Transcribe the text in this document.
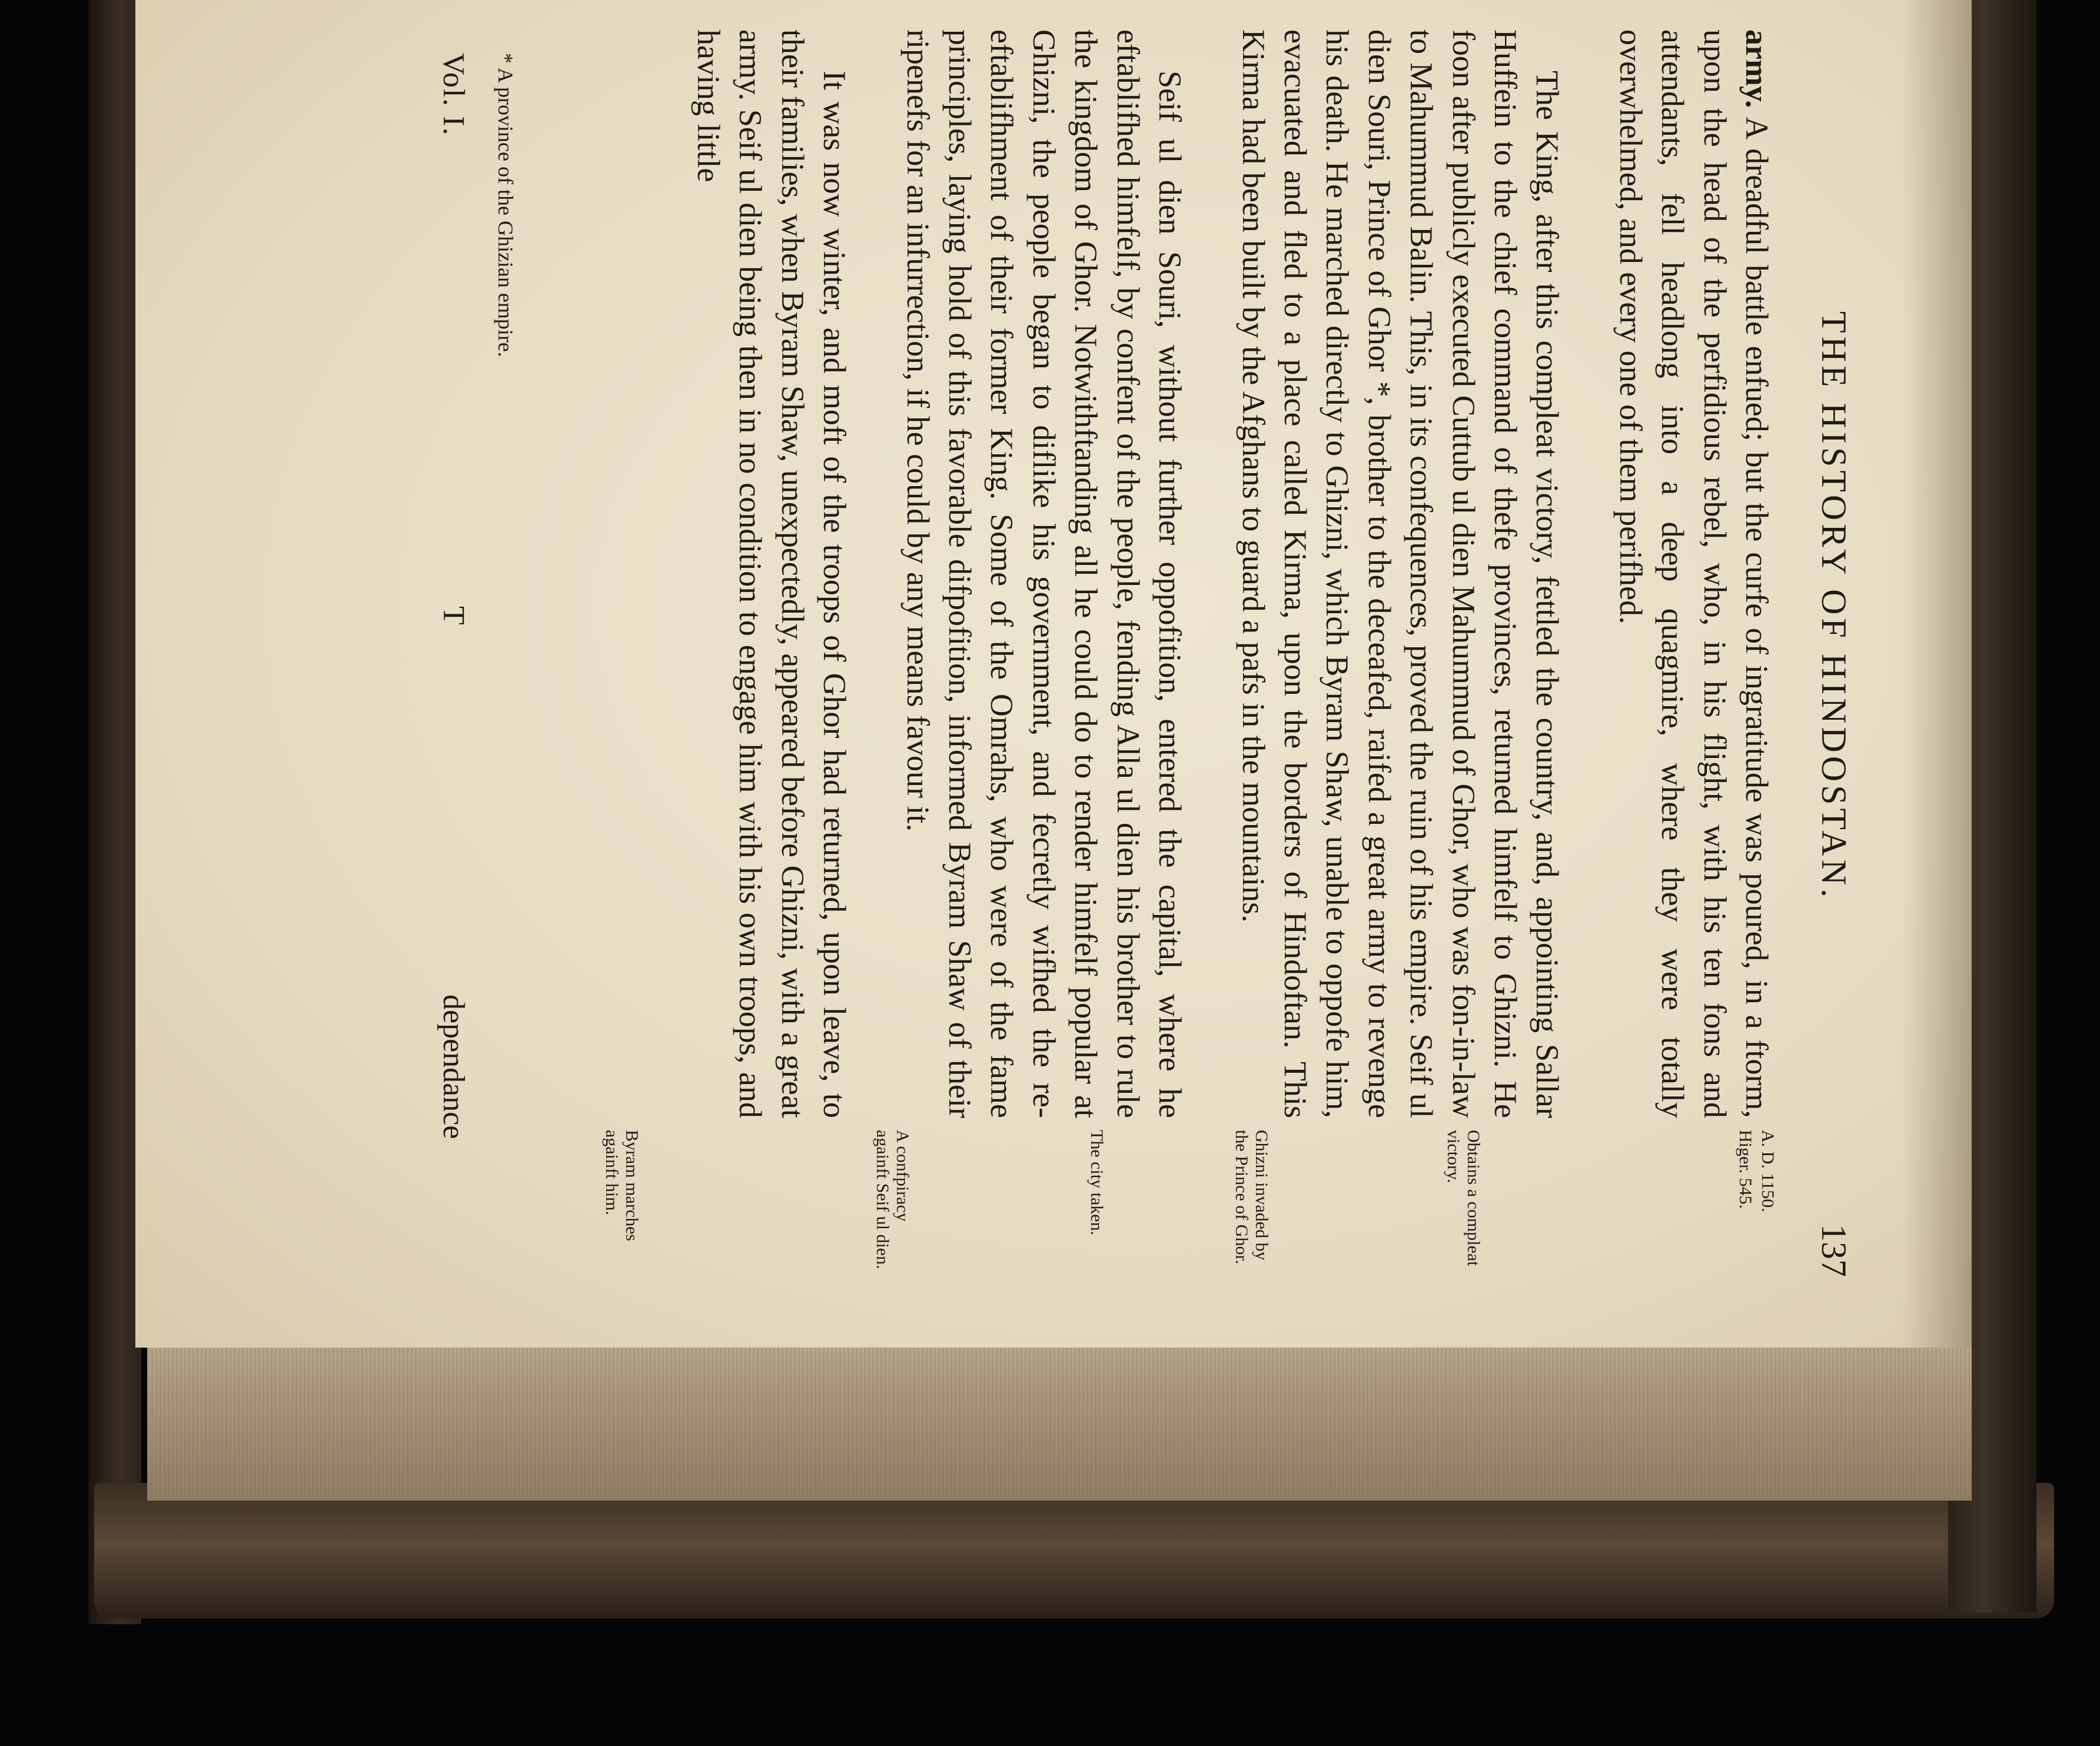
THE HISTORY OF HINDOSTAN.
137

army. A dreadful battle enfued; but the curfe of ingratitude was poured, in a ftorm, upon the head of the perfidious rebel, who, in his flight, with his ten fons and attendants, fell headlong into a deep quagmire, where they were totally overwhelmed, and every one of them perifhed.

The King, after this compleat victory, fettled the country, and, appointing Sallar Huffein to the chief command of thefe provinces, returned himfelf to Ghizni. He foon after publicly executed Cuttub ul dien Mahummud of Ghor, who was fon-in-law to Mahummud Balin. This, in its confequences, proved the ruin of his empire. Seif ul dien Souri, Prince of Ghor *, brother to the deceafed, raifed a great army to revenge his death. He marched directly to Ghizni, which Byram Shaw, unable to oppofe him, evacuated and fled to a place called Kirma, upon the borders of Hindoftan. This Kirma had been built by the Afghans to guard a pafs in the mountains.

Seif ul dien Souri, without further oppofition, entered the capital, where he eftablifhed himfelf, by confent of the people, fending Alla ul dien his brother to rule the kingdom of Ghor. Notwithftanding all he could do to render himfelf popular at Ghizni, the people began to diflike his government, and fecretly wifhed the re-eftablifhment of their former King. Some of the Omrahs, who were of the fame principles, laying hold of this favorable difpofition, informed Byram Shaw of their ripenefs for an infurrection, if he could by any means favour it.

It was now winter, and moft of the troops of Ghor had returned, upon leave, to their families, when Byram Shaw, unexpectedly, appeared before Ghizni, with a great army. Seif ul dien being then in no condition to engage him with his own troops, and having little

A. D. 1150.
Higer. 545.
Obtains a compleat victory.
Ghizni invaded by the Prince of Ghor.
The city taken.
A confpiracy againft Seif ul dien.
Byram marches againft him.
* A province of the Ghizian empire.
Vol. I.
T
dependance
